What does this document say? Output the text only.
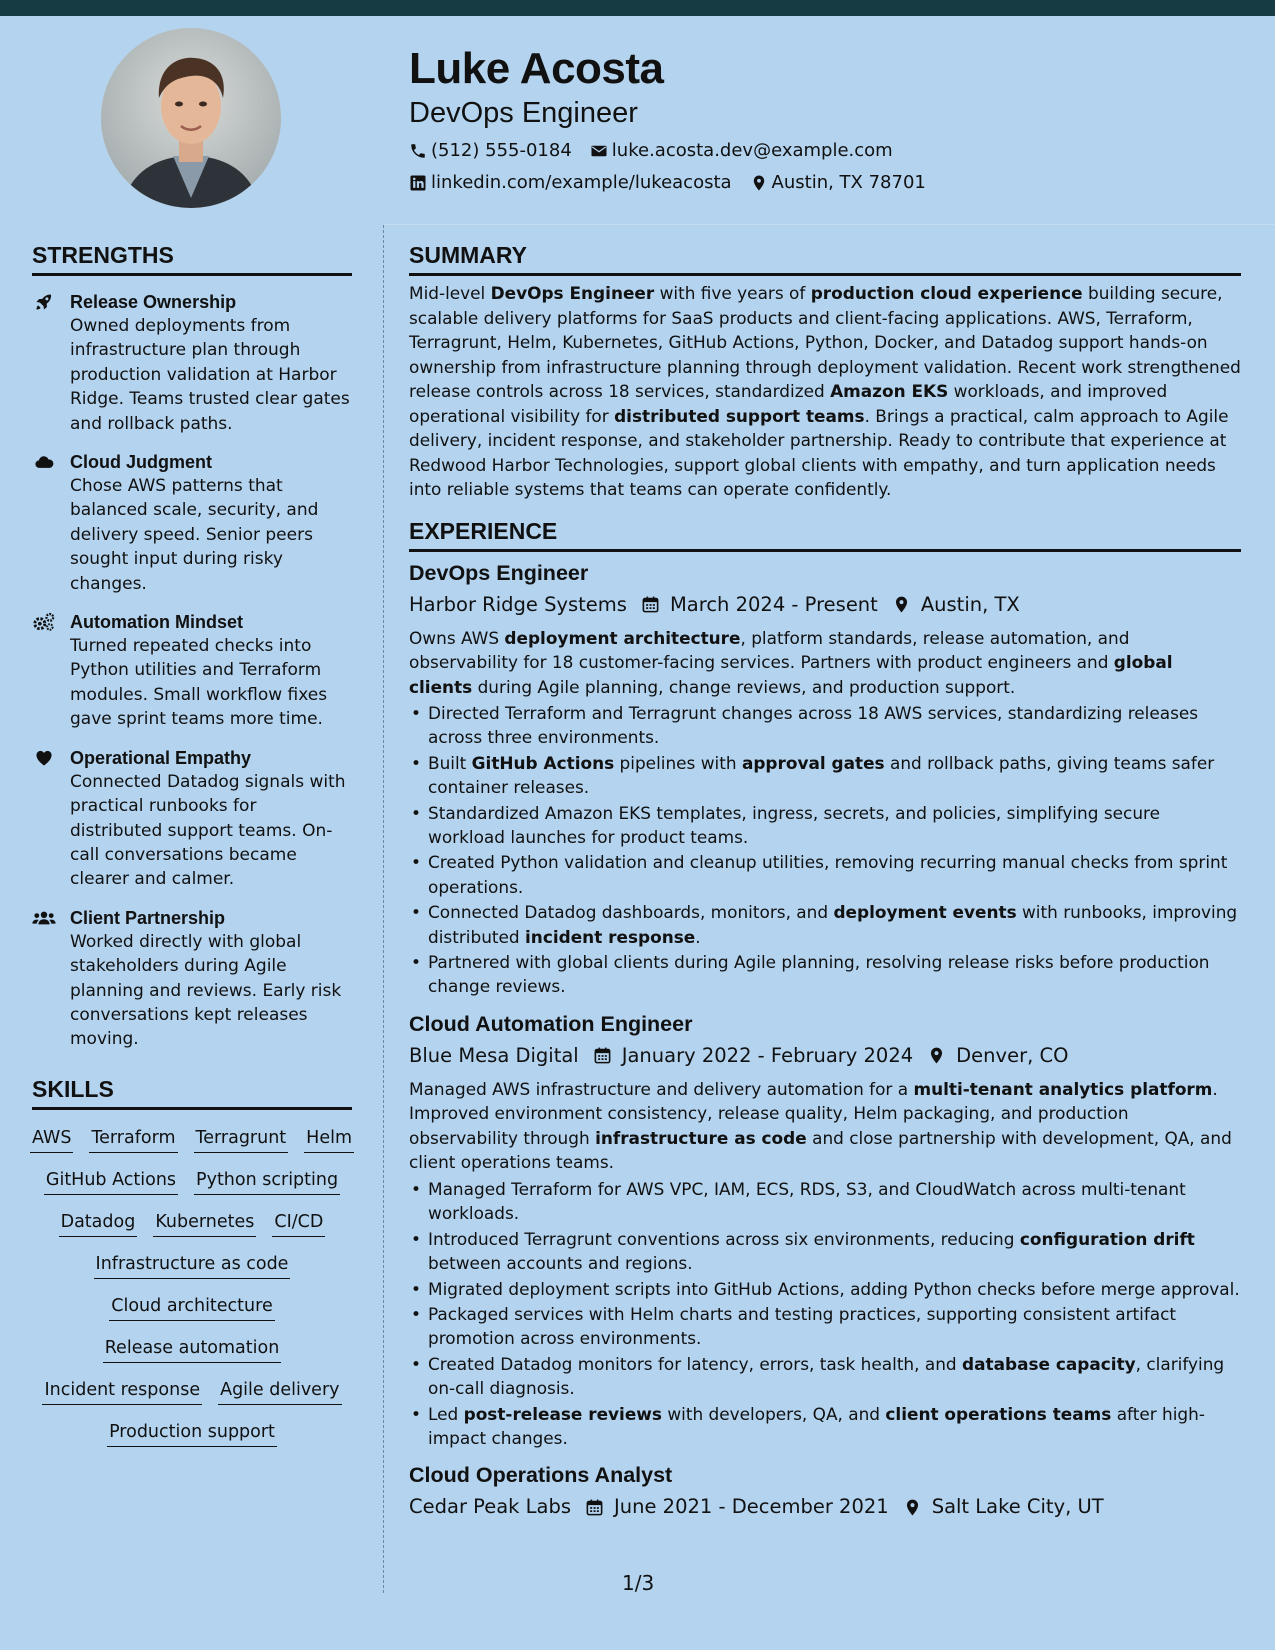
Luke Acosta
DevOps Engineer
(512) 555-0184 luke.acosta.dev@example.com
linkedin.com/example/lukeacosta Austin, TX 78701
STRENGTHS
Release Ownership
Owned deployments from infrastructure plan through production validation at Harbor Ridge. Teams trusted clear gates and rollback paths.
Cloud Judgment
Chose AWS patterns that balanced scale, security, and delivery speed. Senior peers sought input during risky changes.
Automation Mindset
Turned repeated checks into Python utilities and Terraform modules. Small workflow fixes gave sprint teams more time.
Operational Empathy
Connected Datadog signals with practical runbooks for distributed support teams. On-call conversations became clearer and calmer.
Client Partnership
Worked directly with global stakeholders during Agile planning and reviews. Early risk conversations kept releases moving.
SKILLS
AWS Terraform Terragrunt Helm
GitHub Actions Python scripting
Datadog Kubernetes CI/CD
Infrastructure as code
Cloud architecture
Release automation
Incident response Agile delivery
Production support
SUMMARY
Mid-level DevOps Engineer with five years of production cloud experience building secure, scalable delivery platforms for SaaS products and client-facing applications. AWS, Terraform, Terragrunt, Helm, Kubernetes, GitHub Actions, Python, Docker, and Datadog support hands-on ownership from infrastructure planning through deployment validation. Recent work strengthened release controls across 18 services, standardized Amazon EKS workloads, and improved operational visibility for distributed support teams. Brings a practical, calm approach to Agile delivery, incident response, and stakeholder partnership. Ready to contribute that experience at Redwood Harbor Technologies, support global clients with empathy, and turn application needs into reliable systems that teams can operate confidently.
EXPERIENCE
DevOps Engineer
Harbor Ridge Systems March 2024 - Present Austin, TX
Owns AWS deployment architecture, platform standards, release automation, and observability for 18 customer-facing services. Partners with product engineers and global clients during Agile planning, change reviews, and production support.
• Directed Terraform and Terragrunt changes across 18 AWS services, standardizing releases across three environments.
• Built GitHub Actions pipelines with approval gates and rollback paths, giving teams safer container releases.
• Standardized Amazon EKS templates, ingress, secrets, and policies, simplifying secure workload launches for product teams.
• Created Python validation and cleanup utilities, removing recurring manual checks from sprint operations.
• Connected Datadog dashboards, monitors, and deployment events with runbooks, improving distributed incident response.
• Partnered with global clients during Agile planning, resolving release risks before production change reviews.
Cloud Automation Engineer
Blue Mesa Digital January 2022 - February 2024 Denver, CO
Managed AWS infrastructure and delivery automation for a multi-tenant analytics platform. Improved environment consistency, release quality, Helm packaging, and production observability through infrastructure as code and close partnership with development, QA, and client operations teams.
• Managed Terraform for AWS VPC, IAM, ECS, RDS, S3, and CloudWatch across multi-tenant workloads.
• Introduced Terragrunt conventions across six environments, reducing configuration drift between accounts and regions.
• Migrated deployment scripts into GitHub Actions, adding Python checks before merge approval.
• Packaged services with Helm charts and testing practices, supporting consistent artifact promotion across environments.
• Created Datadog monitors for latency, errors, task health, and database capacity, clarifying on-call diagnosis.
• Led post-release reviews with developers, QA, and client operations teams after high-impact changes.
Cloud Operations Analyst
Cedar Peak Labs June 2021 - December 2021 Salt Lake City, UT
1/3
